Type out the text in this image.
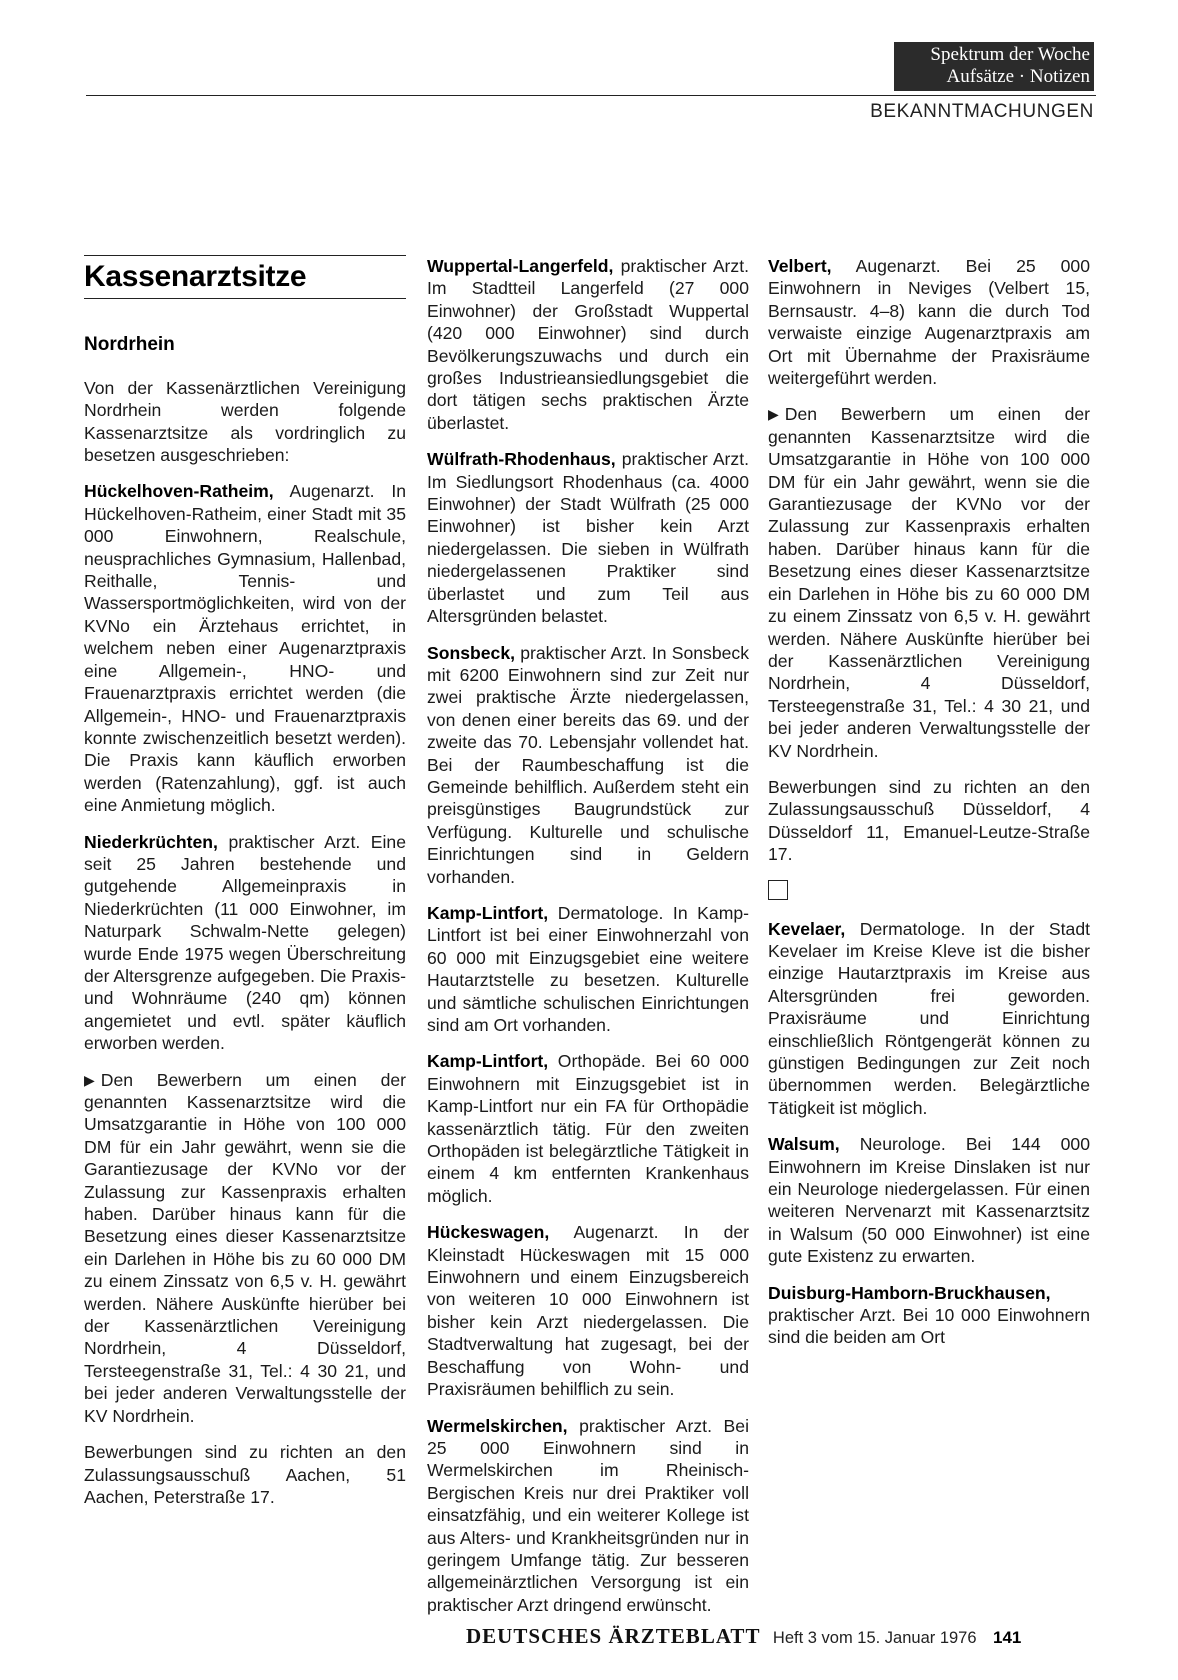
Spektrum der Woche
Aufsätze · Notizen
BEKANNTMACHUNGEN
Kassenarztsitze
Nordrhein

Von der Kassenärztlichen Vereinigung Nordrhein werden folgende Kassenarztsitze als vordringlich zu besetzen ausgeschrieben:

Hückelhoven-Ratheim, Augenarzt. In Hückelhoven-Ratheim, einer Stadt mit 35 000 Einwohnern, Realschule, neusprachliches Gymnasium, Hallenbad, Reithalle, Tennis- und Wassersportmöglichkeiten, wird von der KVNo ein Ärztehaus errichtet, in welchem neben einer Augenarztpraxis eine Allgemein-, HNO- und Frauenarztpraxis errichtet werden (die Allgemein-, HNO- und Frauenarztpraxis konnte zwischenzeitlich besetzt werden). Die Praxis kann käuflich erworben werden (Ratenzahlung), ggf. ist auch eine Anmietung möglich.

Niederkrüchten, praktischer Arzt. Eine seit 25 Jahren bestehende und gutgehende Allgemeinpraxis in Niederkrüchten (11 000 Einwohner, im Naturpark Schwalm-Nette gelegen) wurde Ende 1975 wegen Überschreitung der Altersgrenze aufgegeben. Die Praxis- und Wohnräume (240 qm) können angemietet und evtl. später käuflich erworben werden.

▶ Den Bewerbern um einen der genannten Kassenarztsitze wird die Umsatzgarantie in Höhe von 100 000 DM für ein Jahr gewährt, wenn sie die Garantiezusage der KVNo vor der Zulassung zur Kassenpraxis erhalten haben. Darüber hinaus kann für die Besetzung eines dieser Kassenarztsitze ein Darlehen in Höhe bis zu 60 000 DM zu einem Zinssatz von 6,5 v. H. gewährt werden. Nähere Auskünfte hierüber bei der Kassenärztlichen Vereinigung Nordrhein, 4 Düsseldorf, Tersteegenstraße 31, Tel.: 4 30 21, und bei jeder anderen Verwaltungsstelle der KV Nordrhein.

Bewerbungen sind zu richten an den Zulassungsausschuß Aachen, 51 Aachen, Peterstraße 17.

Wuppertal-Langerfeld, praktischer Arzt. Im Stadtteil Langerfeld (27 000 Einwohner) der Großstadt Wuppertal (420 000 Einwohner) sind durch Bevölkerungszuwachs und durch ein großes Industrieansiedlungsgebiet die dort tätigen sechs praktischen Ärzte überlastet.

Wülfrath-Rhodenhaus, praktischer Arzt. Im Siedlungsort Rhodenhaus (ca. 4000 Einwohner) der Stadt Wülfrath (25 000 Einwohner) ist bisher kein Arzt niedergelassen. Die sieben in Wülfrath niedergelassenen Praktiker sind überlastet und zum Teil aus Altersgründen belastet.

Sonsbeck, praktischer Arzt. In Sonsbeck mit 6200 Einwohnern sind zur Zeit nur zwei praktische Ärzte niedergelassen, von denen einer bereits das 69. und der zweite das 70. Lebensjahr vollendet hat. Bei der Raumbeschaffung ist die Gemeinde behilflich. Außerdem steht ein preisgünstiges Baugrundstück zur Verfügung. Kulturelle und schulische Einrichtungen sind in Geldern vorhanden.

Kamp-Lintfort, Dermatologe. In Kamp-Lintfort ist bei einer Einwohnerzahl von 60 000 mit Einzugsgebiet eine weitere Hautarztstelle zu besetzen. Kulturelle und sämtliche schulischen Einrichtungen sind am Ort vorhanden.

Kamp-Lintfort, Orthopäde. Bei 60 000 Einwohnern mit Einzugsgebiet ist in Kamp-Lintfort nur ein FA für Orthopädie kassenärztlich tätig. Für den zweiten Orthopäden ist belegärztliche Tätigkeit in einem 4 km entfernten Krankenhaus möglich.

Hückeswagen, Augenarzt. In der Kleinstadt Hückeswagen mit 15 000 Einwohnern und einem Einzugsbereich von weiteren 10 000 Einwohnern ist bisher kein Arzt niedergelassen. Die Stadtverwaltung hat zugesagt, bei der Beschaffung von Wohn- und Praxisräumen behilflich zu sein.

Wermelskirchen, praktischer Arzt. Bei 25 000 Einwohnern sind in Wermelskirchen im Rheinisch-Bergischen Kreis nur drei Praktiker voll einsatzfähig, und ein weiterer Kollege ist aus Alters- und Krankheitsgründen nur in geringem Umfange tätig. Zur besseren allgemeinärztlichen Versorgung ist ein praktischer Arzt dringend erwünscht.

Velbert, Augenarzt. Bei 25 000 Einwohnern in Neviges (Velbert 15, Bernsaustr. 4–8) kann die durch Tod verwaiste einzige Augenarztpraxis am Ort mit Übernahme der Praxisräume weitergeführt werden.

▶ Den Bewerbern um einen der genannten Kassenarztsitze wird die Umsatzgarantie in Höhe von 100 000 DM für ein Jahr gewährt, wenn sie die Garantiezusage der KVNo vor der Zulassung zur Kassenpraxis erhalten haben. Darüber hinaus kann für die Besetzung eines dieser Kassenarztsitze ein Darlehen in Höhe bis zu 60 000 DM zu einem Zinssatz von 6,5 v. H. gewährt werden. Nähere Auskünfte hierüber bei der Kassenärztlichen Vereinigung Nordrhein, 4 Düsseldorf, Tersteegenstraße 31, Tel.: 4 30 21, und bei jeder anderen Verwaltungsstelle der KV Nordrhein.

Bewerbungen sind zu richten an den Zulassungsausschuß Düsseldorf, 4 Düsseldorf 11, Emanuel-Leutze-Straße 17.

Kevelaer, Dermatologe. In der Stadt Kevelaer im Kreise Kleve ist die bisher einzige Hautarztpraxis im Kreise aus Altersgründen frei geworden. Praxisräume und Einrichtung einschließlich Röntgengerät können zu günstigen Bedingungen zur Zeit noch übernommen werden. Belegärztliche Tätigkeit ist möglich.

Walsum, Neurologe. Bei 144 000 Einwohnern im Kreise Dinslaken ist nur ein Neurologe niedergelassen. Für einen weiteren Nervenarzt mit Kassenarztsitz in Walsum (50 000 Einwohner) ist eine gute Existenz zu erwarten.

Duisburg-Hamborn-Bruckhausen, praktischer Arzt. Bei 10 000 Einwohnern sind die beiden am Ort

DEUTSCHES ÄRZTEBLATT Heft 3 vom 15. Januar 1976 141
